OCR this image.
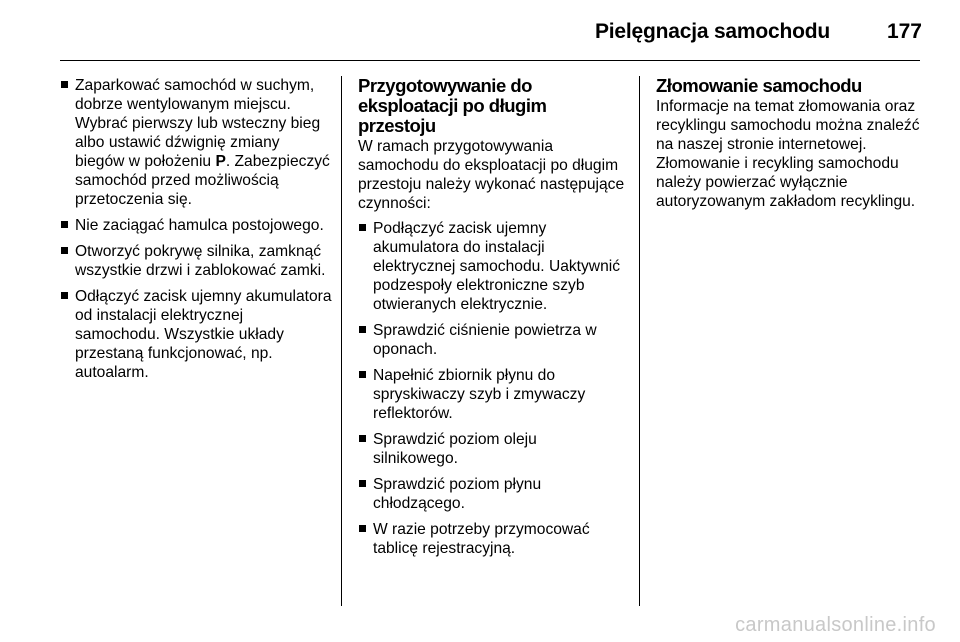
Pielęgnacja samochodu	177
Zaparkować samochód w suchym, dobrze wentylowanym miejscu. Wybrać pierwszy lub wsteczny bieg albo ustawić dźwignię zmiany biegów w położeniu P. Zabezpieczyć samochód przed możliwością przetoczenia się.
Nie zaciągać hamulca postojowego.
Otworzyć pokrywę silnika, zamknąć wszystkie drzwi i zablokować zamki.
Odłączyć zacisk ujemny akumulatora od instalacji elektrycznej samochodu. Wszystkie układy przestaną funkcjonować, np. autoalarm.
Przygotowywanie do eksploatacji po długim przestoju
W ramach przygotowywania samochodu do eksploatacji po długim przestoju należy wykonać następujące czynności:
Podłączyć zacisk ujemny akumulatora do instalacji elektrycznej samochodu. Uaktywnić podzespoły elektroniczne szyb otwieranych elektrycznie.
Sprawdzić ciśnienie powietrza w oponach.
Napełnić zbiornik płynu do spryskiwaczy szyb i zmywaczy reflektorów.
Sprawdzić poziom oleju silnikowego.
Sprawdzić poziom płynu chłodzącego.
W razie potrzeby przymocować tablicę rejestracyjną.
Złomowanie samochodu
Informacje na temat złomowania oraz recyklingu samochodu można znaleźć na naszej stronie internetowej. Złomowanie i recykling samochodu należy powierzać wyłącznie autoryzowanym zakładom recyklingu.
carmanualsonline.info
